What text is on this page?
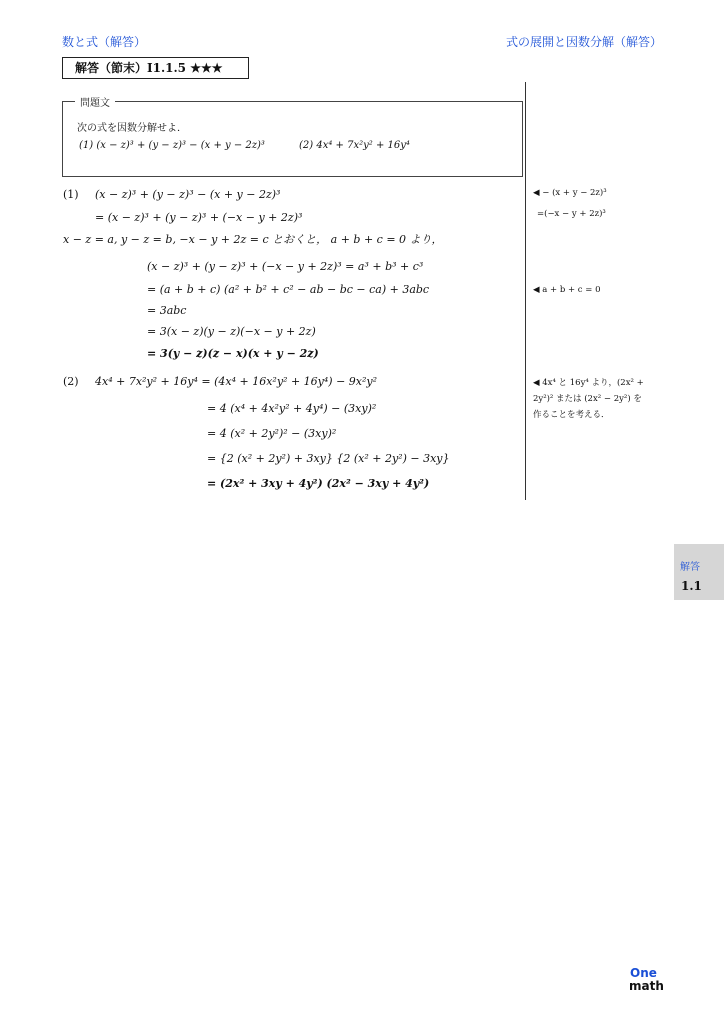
数と式（解答）	式の展開と因数分解（解答）
解答（節末）I1.1.5 ★★★
問題文
次の式を因数分解せよ．
(1) (x − z)³ + (y − z)³ − (x + y − 2z)³	(2) 4x⁴ + 7x²y² + 16y⁴
(1) (x − z)³ + (y − z)³ − (x + y − 2z)³
= (x − z)³ + (y − z)³ + (−x − y + 2z)³
x − z = a, y − z = b, −x − y + 2z = c とおくと， a + b + c = 0 より，
(x − z)³ + (y − z)³ + (−x − y + 2z)³ = a³ + b³ + c³
= (a + b + c) (a² + b² + c² − ab − bc − ca) + 3abc
= 3abc
= 3(x − z)(y − z)(−x − y + 2z)
= 3(y − z)(z − x)(x + y − 2z)
(2) 4x⁴ + 7x²y² + 16y⁴ = (4x⁴ + 16x²y² + 16y⁴) − 9x²y²
= 4 (x⁴ + 4x²y² + 4y⁴) − (3xy)²
= 4 (x² + 2y²)² − (3xy)²
= {2 (x² + 2y²) + 3xy} {2 (x² + 2y²) − 3xy}
= (2x² + 3xy + 4y²) (2x² − 3xy + 4y²)
◀ − (x + y − 2z)³
=(−x − y + 2z)³
◀ a + b + c = 0
◀ 4x⁴ と 16y⁴ より，(2x² +
2y²)² または (2x² − 2y²) を
作ることを考える．
解答
1.1
One
math
